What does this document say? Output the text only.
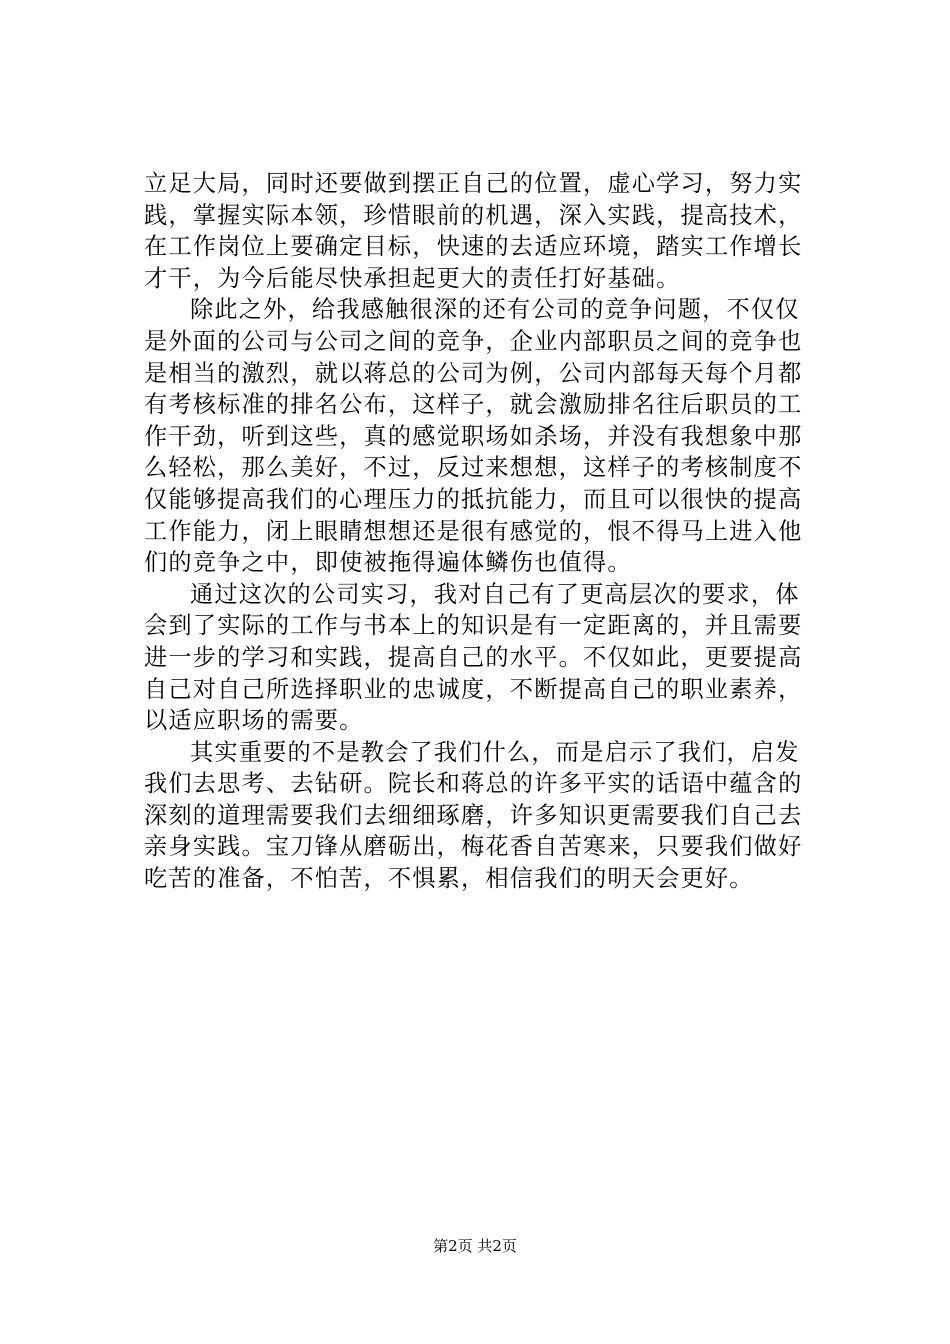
立足大局，同时还要做到摆正自己的位置，虚心学习，努力实
践，掌握实际本领，珍惜眼前的机遇，深入实践，提高技术，
在工作岗位上要确定目标，快速的去适应环境，踏实工作增长
才干，为今后能尽快承担起更大的责任打好基础。
除此之外，给我感触很深的还有公司的竞争问题，不仅仅
是外面的公司与公司之间的竞争，企业内部职员之间的竞争也
是相当的激烈，就以蒋总的公司为例，公司内部每天每个月都
有考核标准的排名公布，这样子，就会激励排名往后职员的工
作干劲，听到这些，真的感觉职场如杀场，并没有我想象中那
么轻松，那么美好，不过，反过来想想，这样子的考核制度不
仅能够提高我们的心理压力的抵抗能力，而且可以很快的提高
工作能力，闭上眼睛想想还是很有感觉的，恨不得马上进入他
们的竞争之中，即使被拖得遍体鳞伤也值得。
通过这次的公司实习，我对自己有了更高层次的要求，体
会到了实际的工作与书本上的知识是有一定距离的，并且需要
进一步的学习和实践，提高自己的水平。不仅如此，更要提高
自己对自己所选择职业的忠诚度，不断提高自己的职业素养，
以适应职场的需要。
其实重要的不是教会了我们什么，而是启示了我们，启发
我们去思考、去钻研。院长和蒋总的许多平实的话语中蕴含的
深刻的道理需要我们去细细琢磨，许多知识更需要我们自己去
亲身实践。宝刀锋从磨砺出，梅花香自苦寒来，只要我们做好
吃苦的准备，不怕苦，不惧累，相信我们的明天会更好。
第2页 共2页
